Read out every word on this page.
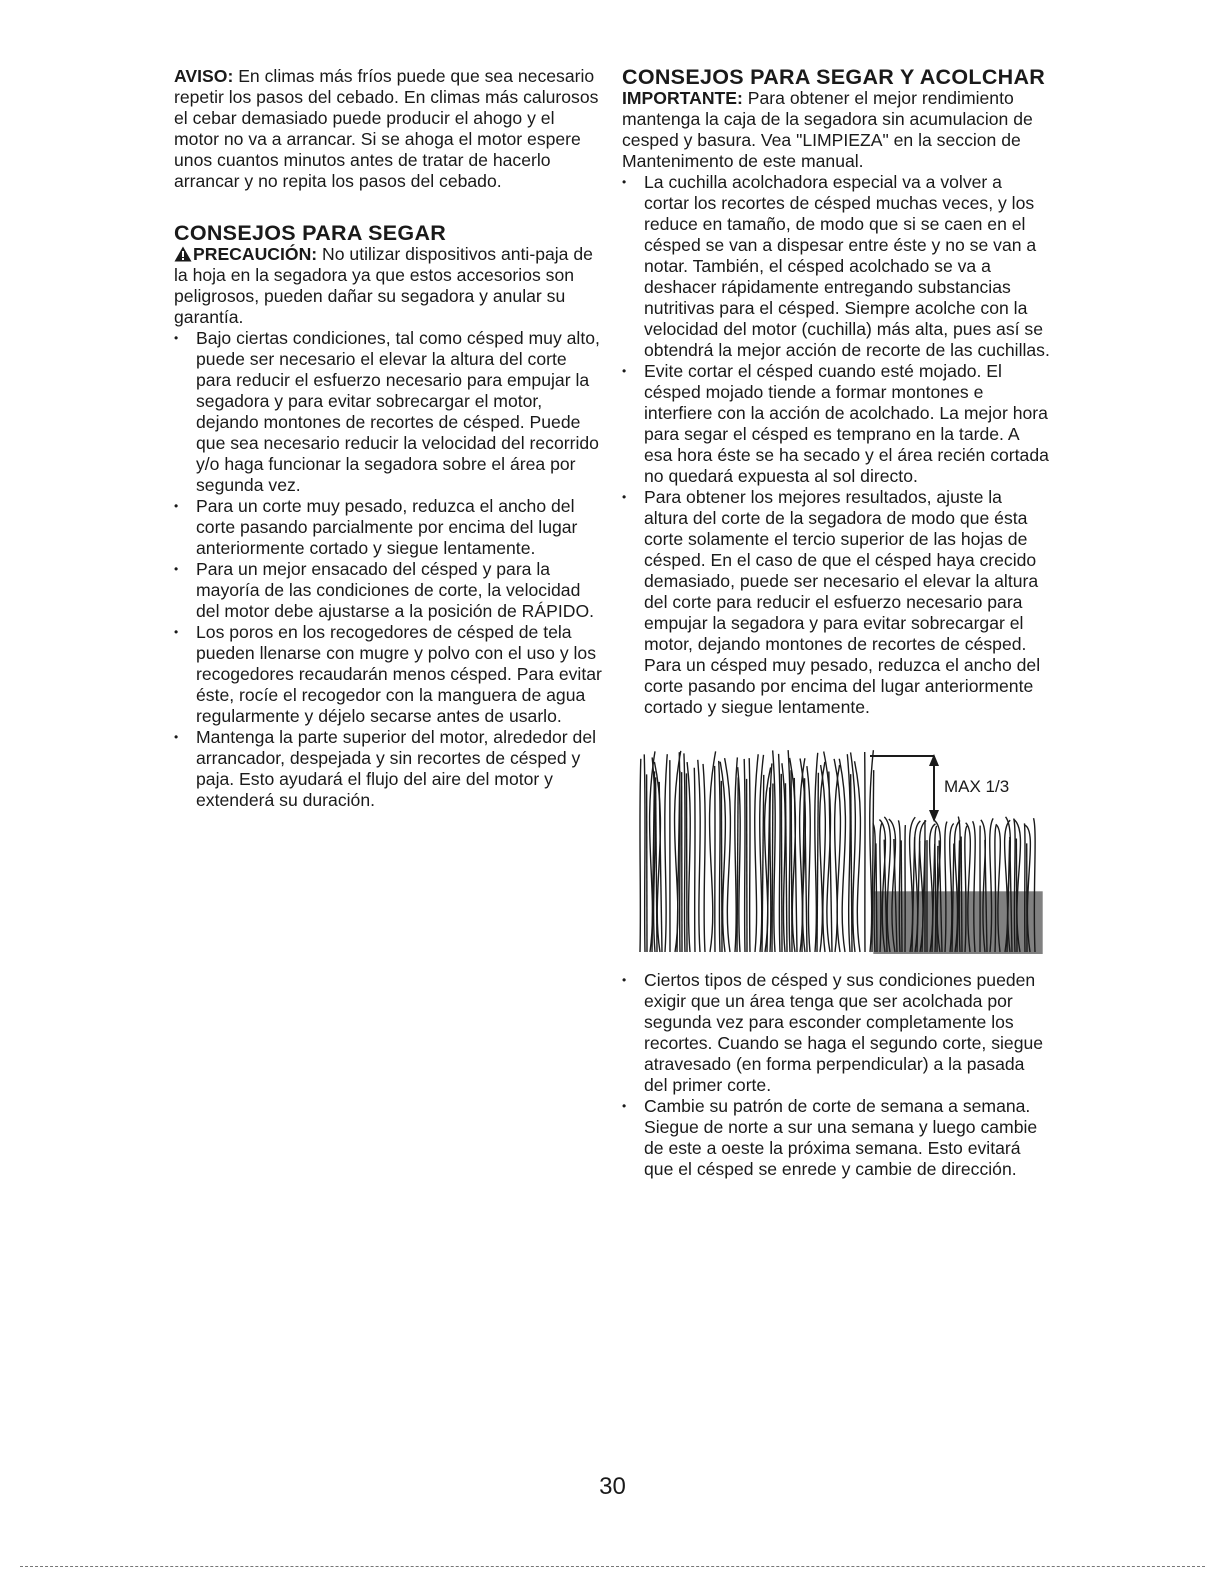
AVISO: En climas más fríos puede que sea necesario repetir los pasos del cebado. En climas más calurosos el cebar demasiado puede producir el ahogo y el motor no va a arrancar. Si se ahoga el motor espere unos cuantos minutos antes de tratar de hacerlo arrancar y no repita los pasos del cebado.

CONSEJOS PARA SEGAR

PRECAUCIÓN: No utilizar dispositivos anti-paja de la hoja en la segadora ya que estos accesorios son peligrosos, pueden dañar su segadora y anular su garantía.

• Bajo ciertas condiciones, tal como césped muy alto, puede ser necesario el elevar la altura del corte para reducir el esfuerzo necesario para empujar la segadora y para evitar sobrecargar el motor, dejando montones de recortes de césped. Puede que sea necesario reducir la velocidad del recorrido y/o haga funcionar la segadora sobre el área por segunda vez.
• Para un corte muy pesado, reduzca el ancho del corte pasando parcialmente por encima del lugar anteriormente cortado y siegue lentamente.
• Para un mejor ensacado del césped y para la mayoría de las condiciones de corte, la velocidad del motor debe ajustarse a la posición de RÁPIDO.
• Los poros en los recogedores de césped de tela pueden llenarse con mugre y polvo con el uso y los recogedores recaudarán menos césped. Para evitar éste, rocíe el recogedor con la manguera de agua regularmente y déjelo secarse antes de usarlo.
• Mantenga la parte superior del motor, alrededor del arrancador, despejada y sin recortes de césped y paja. Esto ayudará el flujo del aire del motor y extenderá su duración.
CONSEJOS PARA SEGAR Y ACOLCHAR

IMPORTANTE: Para obtener el mejor rendimiento mantenga la caja de la segadora sin acumulacion de cesped y basura. Vea "LIMPIEZA" en la seccion de Mantenimento de este manual.

• La cuchilla acolchadora especial va a volver a cortar los recortes de césped muchas veces, y los reduce en tamaño, de modo que si se caen en el césped se van a dispesar entre éste y no se van a notar. También, el césped acolchado se va a deshacer rápidamente entregando substancias nutritivas para el césped. Siempre acolche con la velocidad del motor (cuchilla) más alta, pues así se obtendrá la mejor acción de recorte de las cuchillas.
• Evite cortar el césped cuando esté mojado. El césped mojado tiende a formar montones e interfiere con la acción de acolchado. La mejor hora para segar el césped es temprano en la tarde. A esa hora éste se ha secado y el área recién cortada no quedará expuesta al sol directo.
• Para obtener los mejores resultados, ajuste la altura del corte de la segadora de modo que ésta corte solamente el tercio superior de las hojas de césped. En el caso de que el césped haya crecido demasiado, puede ser necesario el elevar la altura del corte para reducir el esfuerzo necesario para empujar la segadora y para evitar sobrecargar el motor, dejando montones de recortes de césped. Para un césped muy pesado, reduzca el ancho del corte pasando por encima del lugar anteriormente cortado y siegue lentamente.
MAX 1/3
• Ciertos tipos de césped y sus condiciones pueden exigir que un área tenga que ser acolchada por segunda vez para esconder completamente los recortes. Cuando se haga el segundo corte, siegue atravesado (en forma perpendicular) a la pasada del primer corte.
• Cambie su patrón de corte de semana a semana. Siegue de norte a sur una semana y luego cambie de este a oeste la próxima semana. Esto evitará que el césped se enrede y cambie de dirección.
30
